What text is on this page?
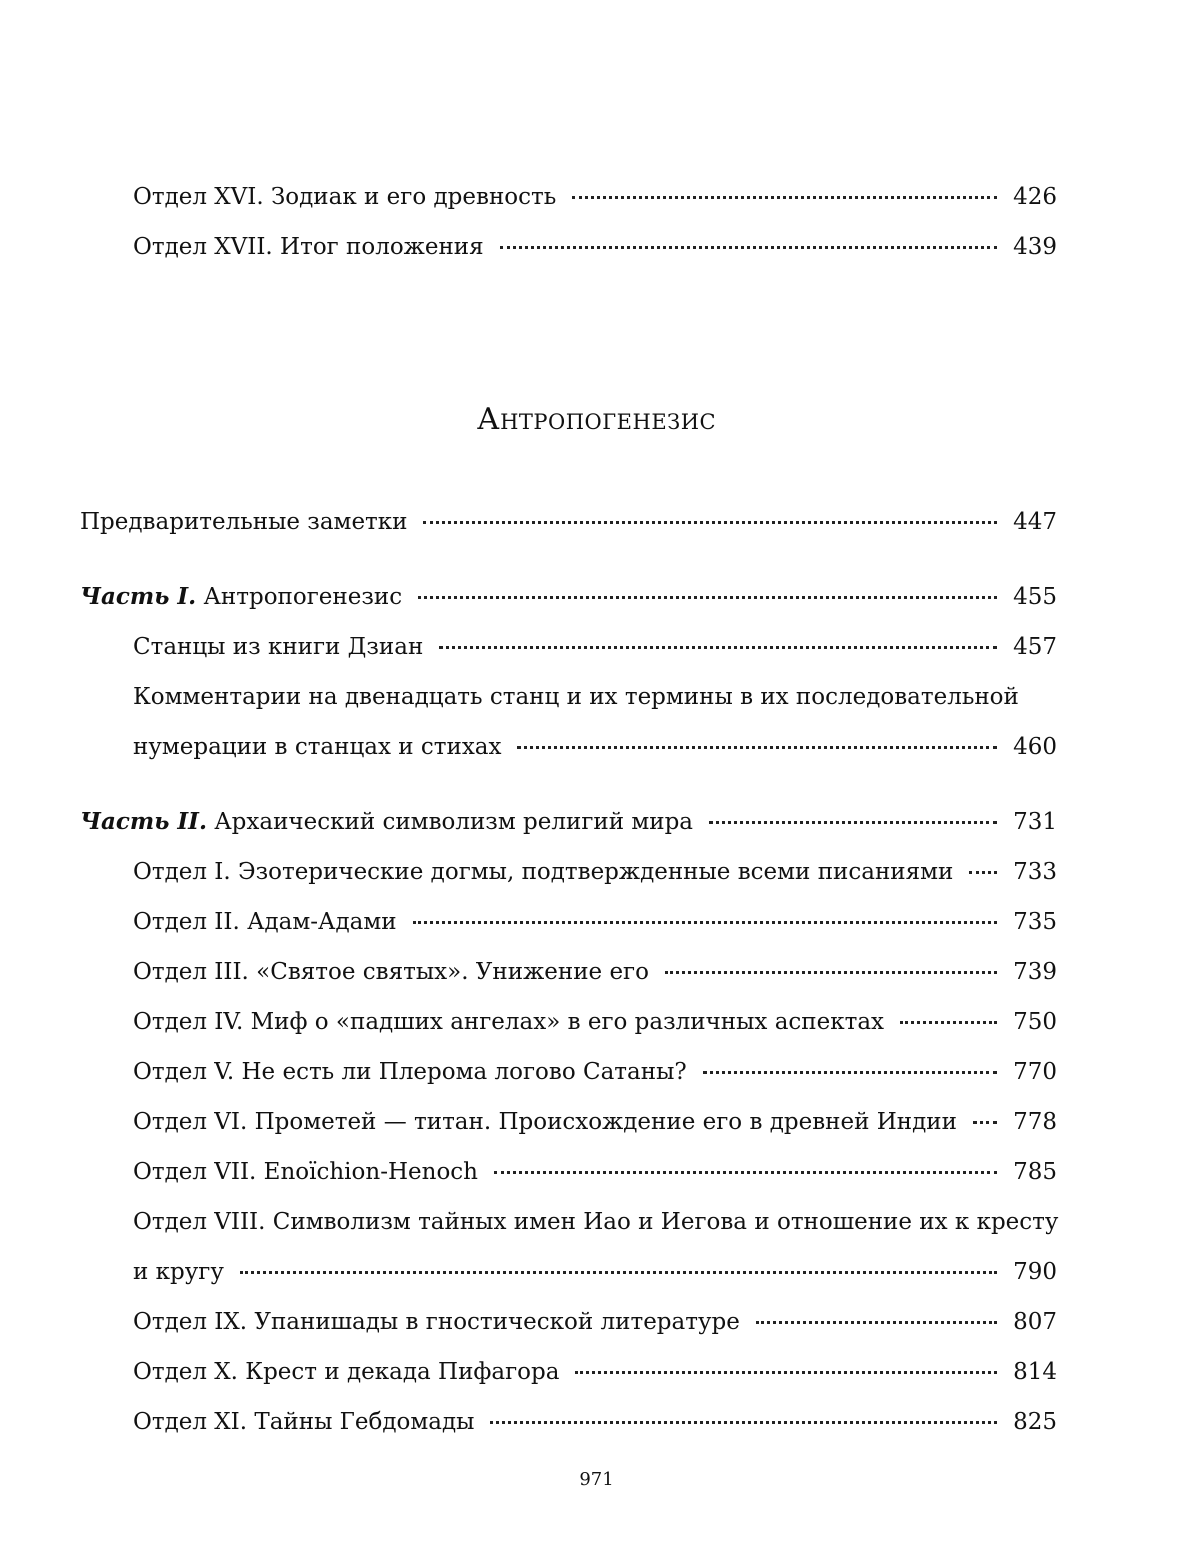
Отдел XVI. Зодиак и его древность	426
Отдел XVII. Итог положения	439
Антропогенезис
Предварительные заметки	447
Часть I. Антропогенезис	455
Станцы из книги Дзиан	457
Комментарии на двенадцать станц и их термины в их последовательной
нумерации в станцах и стихах	460
Часть II. Архаический символизм религий мира	731
Отдел I. Эзотерические догмы, подтвержденные всеми писаниями	733
Отдел II. Адам-Адами	735
Отдел III. «Святое святых». Унижение его	739
Отдел IV. Миф о «падших ангелах» в его различных аспектах	750
Отдел V. Не есть ли Плерома логово Сатаны?	770
Отдел VI. Прометей — титан. Происхождение его в древней Индии 778
Отдел VII. Enoïchion-Henoch	785
Отдел VIII. Символизм тайных имен Иао и Иегова и отношение их к кресту
и кругу	790
Отдел IX. Упанишады в гностической литературе	807
Отдел X. Крест и декада Пифагора	814
Отдел XI. Тайны Гебдомады	825
971
